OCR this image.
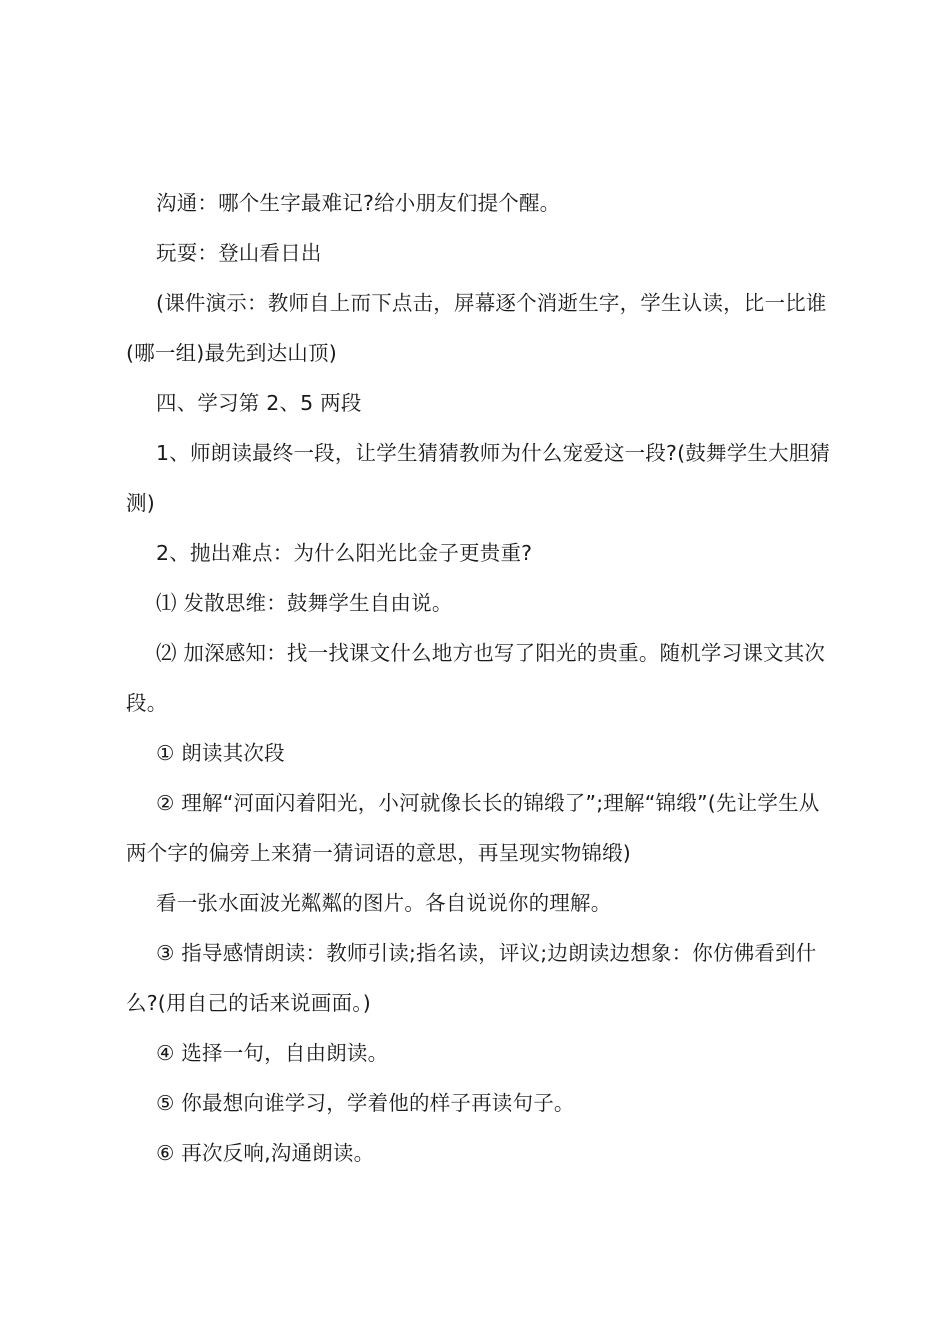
沟通：哪个生字最难记?给小朋友们提个醒。

玩耍：登山看日出

(课件演示：教师自上而下点击，屏幕逐个消逝生字，学生认读，比一比谁(哪一组)最先到达山顶)

四、学习第 2、5 两段

1、师朗读最终一段，让学生猜猜教师为什么宠爱这一段?(鼓舞学生大胆猜测)

2、抛出难点：为什么阳光比金子更贵重?

⑴ 发散思维：鼓舞学生自由说。

⑵ 加深感知：找一找课文什么地方也写了阳光的贵重。随机学习课文其次段。

① 朗读其次段

② 理解“河面闪着阳光，小河就像长长的锦缎了”;理解“锦缎”(先让学生从两个字的偏旁上来猜一猜词语的意思，再呈现实物锦缎)

看一张水面波光粼粼的图片。各自说说你的理解。

③ 指导感情朗读：教师引读;指名读，评议;边朗读边想象：你仿佛看到什么?(用自己的话来说画面。)

④ 选择一句，自由朗读。

⑤ 你最想向谁学习，学着他的样子再读句子。

⑥ 再次反响,沟通朗读。
